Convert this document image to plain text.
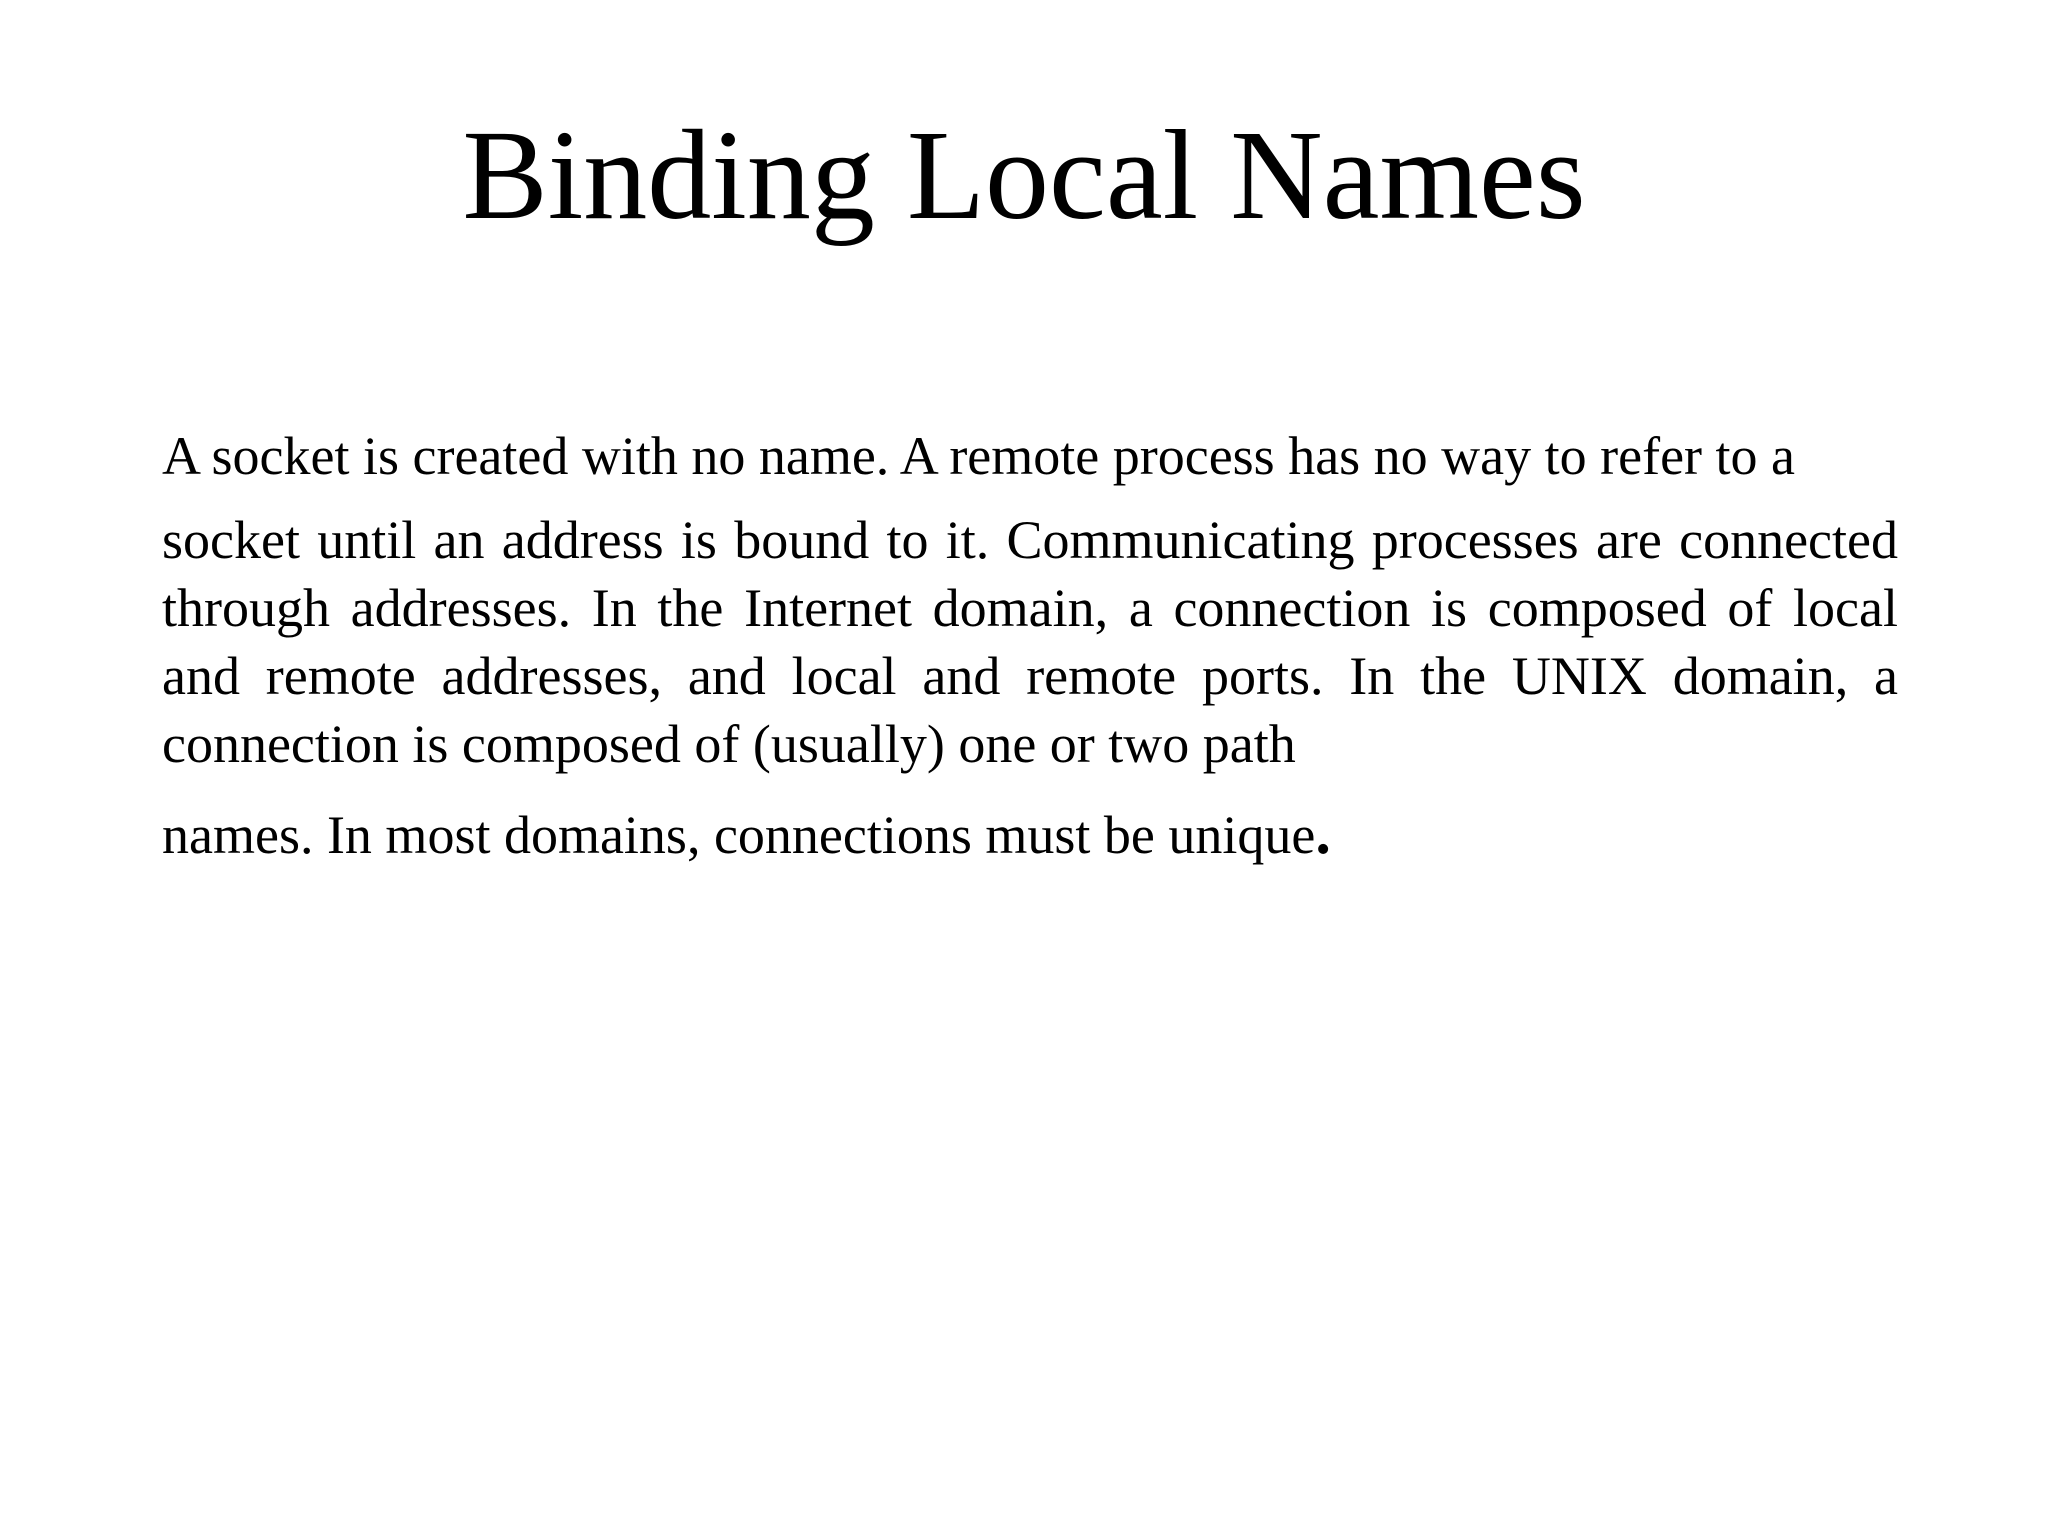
Binding Local Names

A socket is created with no name. A remote process has no way to refer to a

socket until an address is bound to it. Communicating processes are connected through addresses. In the Internet domain, a connection is composed of local and remote addresses, and local and remote ports. In the UNIX domain, a connection is composed of (usually) one or two path

names. In most domains, connections must be unique.
